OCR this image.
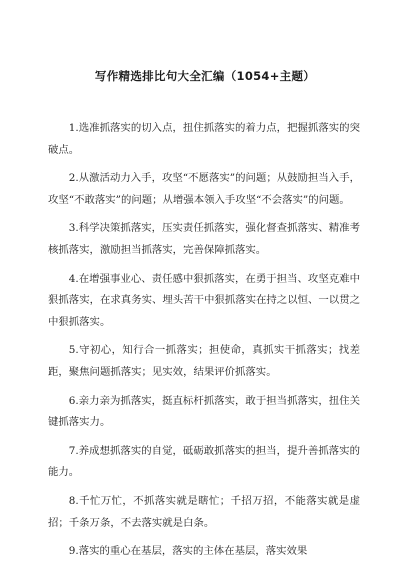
写作精选排比句大全汇编（1054+主题）

1.选准抓落实的切入点，扭住抓落实的着力点，把握抓落实的突破点。

2.从激活动力入手，攻坚“不愿落实”的问题；从鼓励担当入手，攻坚“不敢落实”的问题；从增强本领入手攻坚“不会落实”的问题。

3.科学决策抓落实，压实责任抓落实，强化督查抓落实、精准考核抓落实，激励担当抓落实，完善保障抓落实。

4.在增强事业心、责任感中狠抓落实，在勇于担当、攻坚克难中狠抓落实，在求真务实、埋头苦干中狠抓落实在持之以恒、一以贯之中狠抓落实。

5.守初心，知行合一抓落实；担使命，真抓实干抓落实；找差距，聚焦问题抓落实；见实效，结果评价抓落实。

6.亲力亲为抓落实，挺直标杆抓落实，敢于担当抓落实，扭住关键抓落实力。

7.养成想抓落实的自觉，砥砺敢抓落实的担当，提升善抓落实的能力。

8.千忙万忙，不抓落实就是瞎忙；千招万招，不能落实就是虚招；千条万条，不去落实就是白条。

9.落实的重心在基层，落实的主体在基层，落实效果
